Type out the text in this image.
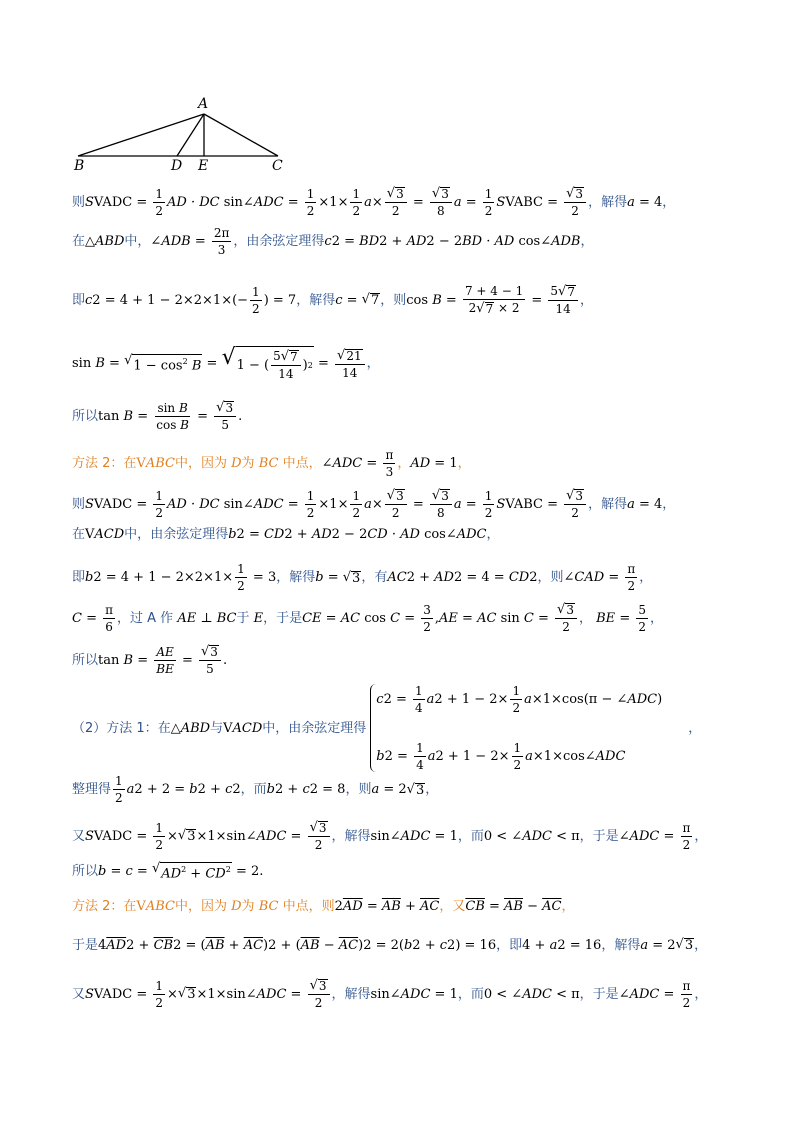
A
B	D E	C
则 S VADC = $\frac{1}{2}$ AD · DC
sin∠ ADC = $\frac{1}{2} \times 1\times \frac{1}{2}$ $a \times \frac{√ 3}{2} = \frac{√ 3}{8}$ $a = \frac{1}{2}$ S VABC = $\frac{√ 3}{2}$ ， 解得 a = 4 ，
在 △ ABD 中， ∠ ADB = $\frac{2\pi}{3}$ ， 由余弦定理得 c 2 = BD 2 + AD 2 − 2 BD · AD
cos∠ ADB ，
即 c $2 = 4 + 1 - 2\times 2\times 1\times(- \frac{1}{2}$ ) = 7 ， 解得 c = √ 7 ， 则 cos
$B = \frac{7 + 4 - 1}{2 √ 7 \times 2} = \frac{5 √ 7}{14}$ ，
sin
B = √ $1 - \cos^2 B$ = √ 1 − ( $\frac{5 √ 7}{14}$ ) $2 = \frac{√ 21}{14}$ ，
所以 tan
$B = \frac{\text{sin B}}{\text{cos B}} = \frac{√ 3}{5}$ .
方法 2： 在 V ABC 中， 因为 D 为 BC 中点， ∠ ADC = $\frac{\pi}{3}$ ， AD = 1 ，
则 S VADC = $\frac{1}{2}$ AD · DC
sin∠ ADC = $\frac{1}{2} \times 1\times \frac{1}{2}$ $a \times \frac{√ 3}{2} = \frac{√ 3}{8}$ $a = \frac{1}{2}$ S VABC = $\frac{√ 3}{2}$ ， 解得 a = 4 ，
在 V ACD 中， 由余弦定理得 b 2 = CD 2 + AD 2 − 2 CD · AD
cos∠ ADC ，
即 b $2 = 4 + 1 - 2\times 2\times 1\times \frac{1}{2} = 3$ ， 解得 b = √ 3 ，有 AC 2 + AD 2 = 4 = CD 2 ， 则 ∠ CAD = $\frac{\pi}{2}$ ，
$C = \frac{\pi}{6}$ ，过 A 作 AE ⊥ BC 于 E ，于是 CE = AC
cos
$C = \frac{3}{2}$ , AE = AC
sin
$C = \frac{√ 3}{2}$ ， BE = $\frac{5}{2}$ ，
所以 tan
$B = \frac{AE}{BE} = \frac{√ 3}{5}$ .
（2）方法 1： 在 △ ABD 与 V ACD 中， 由余弦定理得
c $2 = \frac{1}{4}$ a $2 + 1 - 2\times \frac{1}{2}$ a ×1×cos(π − ∠ ADC )
b $2 = \frac{1}{4}$ a $2 + 1 - 2\times \frac{1}{2}$ a ×1×cos∠ ADC
，
整理得 $\frac{1}{2}$ a 2 + 2 = b 2 + c 2 ，而 b 2 + c 2 = 8 ， 则 a = 2 √ 3 ，
又 S VADC = $\frac{1}{2}$ × √ 3 ×1×sin∠ ADC = $\frac{√ 3}{2}$ ， 解得 sin∠ ADC = 1 ，而 0 < ∠ ADC < π ，于是 ∠ ADC = $\frac{\pi}{2}$ ，
所以 b = c = √ $AD^2 + CD^2 = 2$ .
方法 2： 在 V ABC 中， 因为 D 为 BC 中点， 则 2 $\overline{AD} = \overline{AB} + \overline{AC}$ ， 又 $\overline{CB} = \overline{AB} - \overline{AC}$ ，
于是 4 $\overline{AD}$ $2 + \overline{CB}$ 2 = ( $\overline{AB} + \overline{AC}$ ) 2 + ( $\overline{AB} - \overline{AC}$ ) 2 = 2( b 2 + c 2 ) = 16 ， 即 4 + a 2 = 16 ， 解得 a = 2 √ 3 ，
又 S VADC = $\frac{1}{2}$ × √ 3 ×1×sin∠ ADC = $\frac{√ 3}{2}$ ， 解得 sin∠ ADC = 1 ，而 0 < ∠ ADC < π ，于是 ∠ ADC = $\frac{\pi}{2}$ ，
